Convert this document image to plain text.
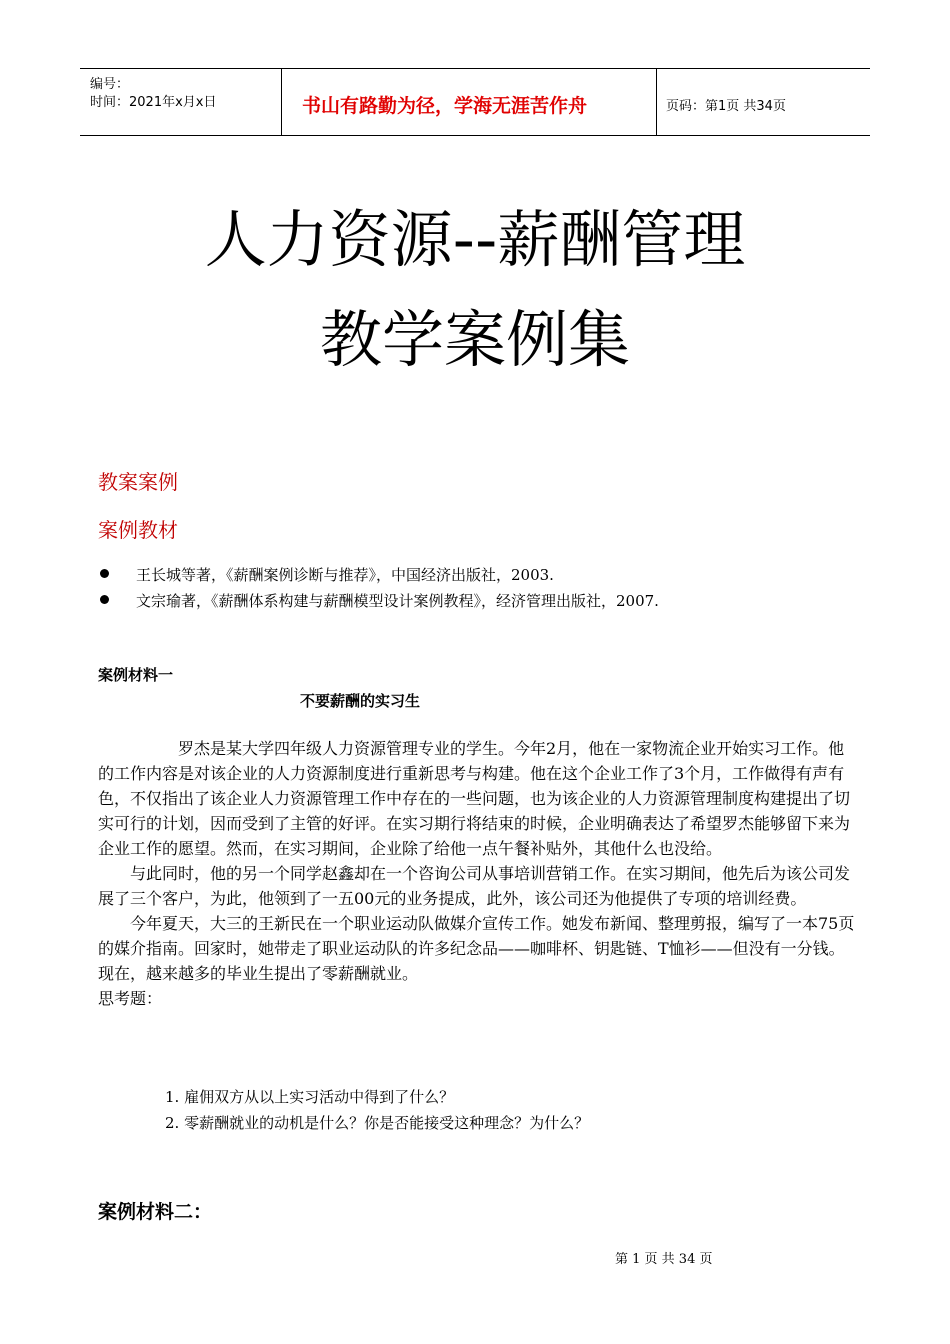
编号：
时间：2021年x月x日	书山有路勤为径，学海无涯苦作舟	页码：第1页 共34页
人力资源--薪酬管理
教学案例集
教案案例
案例教材
王长城等著，《薪酬案例诊断与推荐》，中国经济出版社，2003.
文宗瑜著，《薪酬体系构建与薪酬模型设计案例教程》，经济管理出版社，2007.
案例材料一
不要薪酬的实习生

　　　　　罗杰是某大学四年级人力资源管理专业的学生。今年2月，他在一家物流企业开始实习工作。他的工作内容是对该企业的人力资源制度进行重新思考与构建。他在这个企业工作了3个月，工作做得有声有色，不仅指出了该企业人力资源管理工作中存在的一些问题，也为该企业的人力资源管理制度构建提出了切实可行的计划，因而受到了主管的好评。在实习期行将结束的时候，企业明确表达了希望罗杰能够留下来为企业工作的愿望。然而，在实习期间，企业除了给他一点午餐补贴外，其他什么也没给。

　　与此同时，他的另一个同学赵鑫却在一个咨询公司从事培训营销工作。在实习期间，他先后为该公司发展了三个客户，为此，他领到了一五00元的业务提成，此外，该公司还为他提供了专项的培训经费。

　　今年夏天，大三的王新民在一个职业运动队做媒介宣传工作。她发布新闻、整理剪报，编写了一本75页的媒介指南。回家时，她带走了职业运动队的许多纪念品——咖啡杯、钥匙链、T恤衫——但没有一分钱。

现在，越来越多的毕业生提出了零薪酬就业。

思考题：

1. 雇佣双方从以上实习活动中得到了什么？
2. 零薪酬就业的动机是什么？你是否能接受这种理念？为什么？
案例材料二：
第 1 页 共 34 页
